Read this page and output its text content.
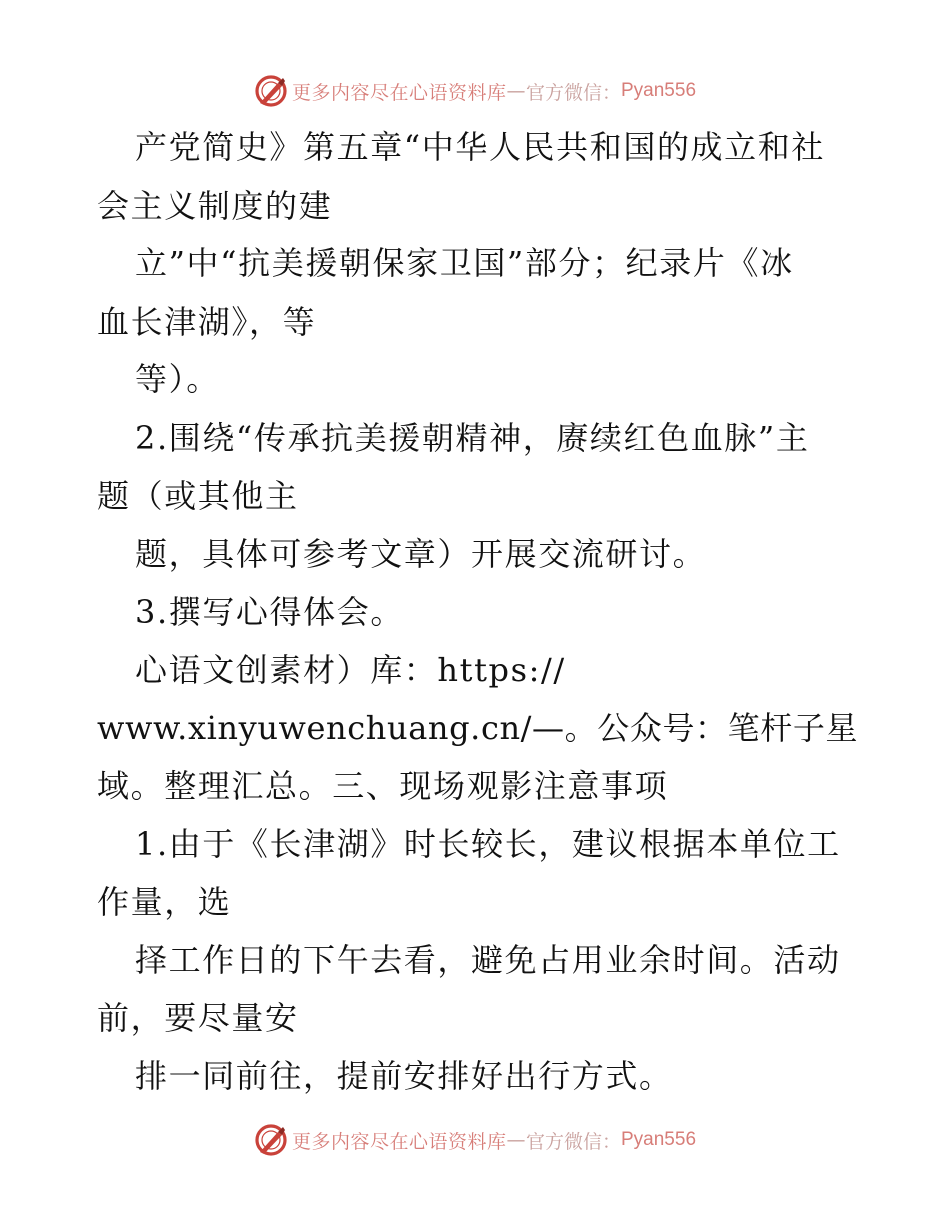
更多内容尽在心语资料库 — 官方微信： Pyan556
产党简史》第五章“中华人民共和国的成立和社
会主义制度的建
立”中“抗美援朝保家卫国”部分；纪录片《冰
血长津湖》，等
等）。
2.围绕“传承抗美援朝精神，赓续红色血脉”主
题（或其他主
题，具体可参考文章）开展交流研讨。
3.撰写心得体会。
心语文创素材）库：https://
www.xinyuwenchuang.cn/—。公众号：笔杆子星
域。整理汇总。三、现场观影注意事项
1.由于《长津湖》时长较长，建议根据本单位工
作量，选
择工作日的下午去看，避免占用业余时间。活动
前，要尽量安
排一同前往，提前安排好出行方式。
更多内容尽在心语资料库 — 官方微信： Pyan556
